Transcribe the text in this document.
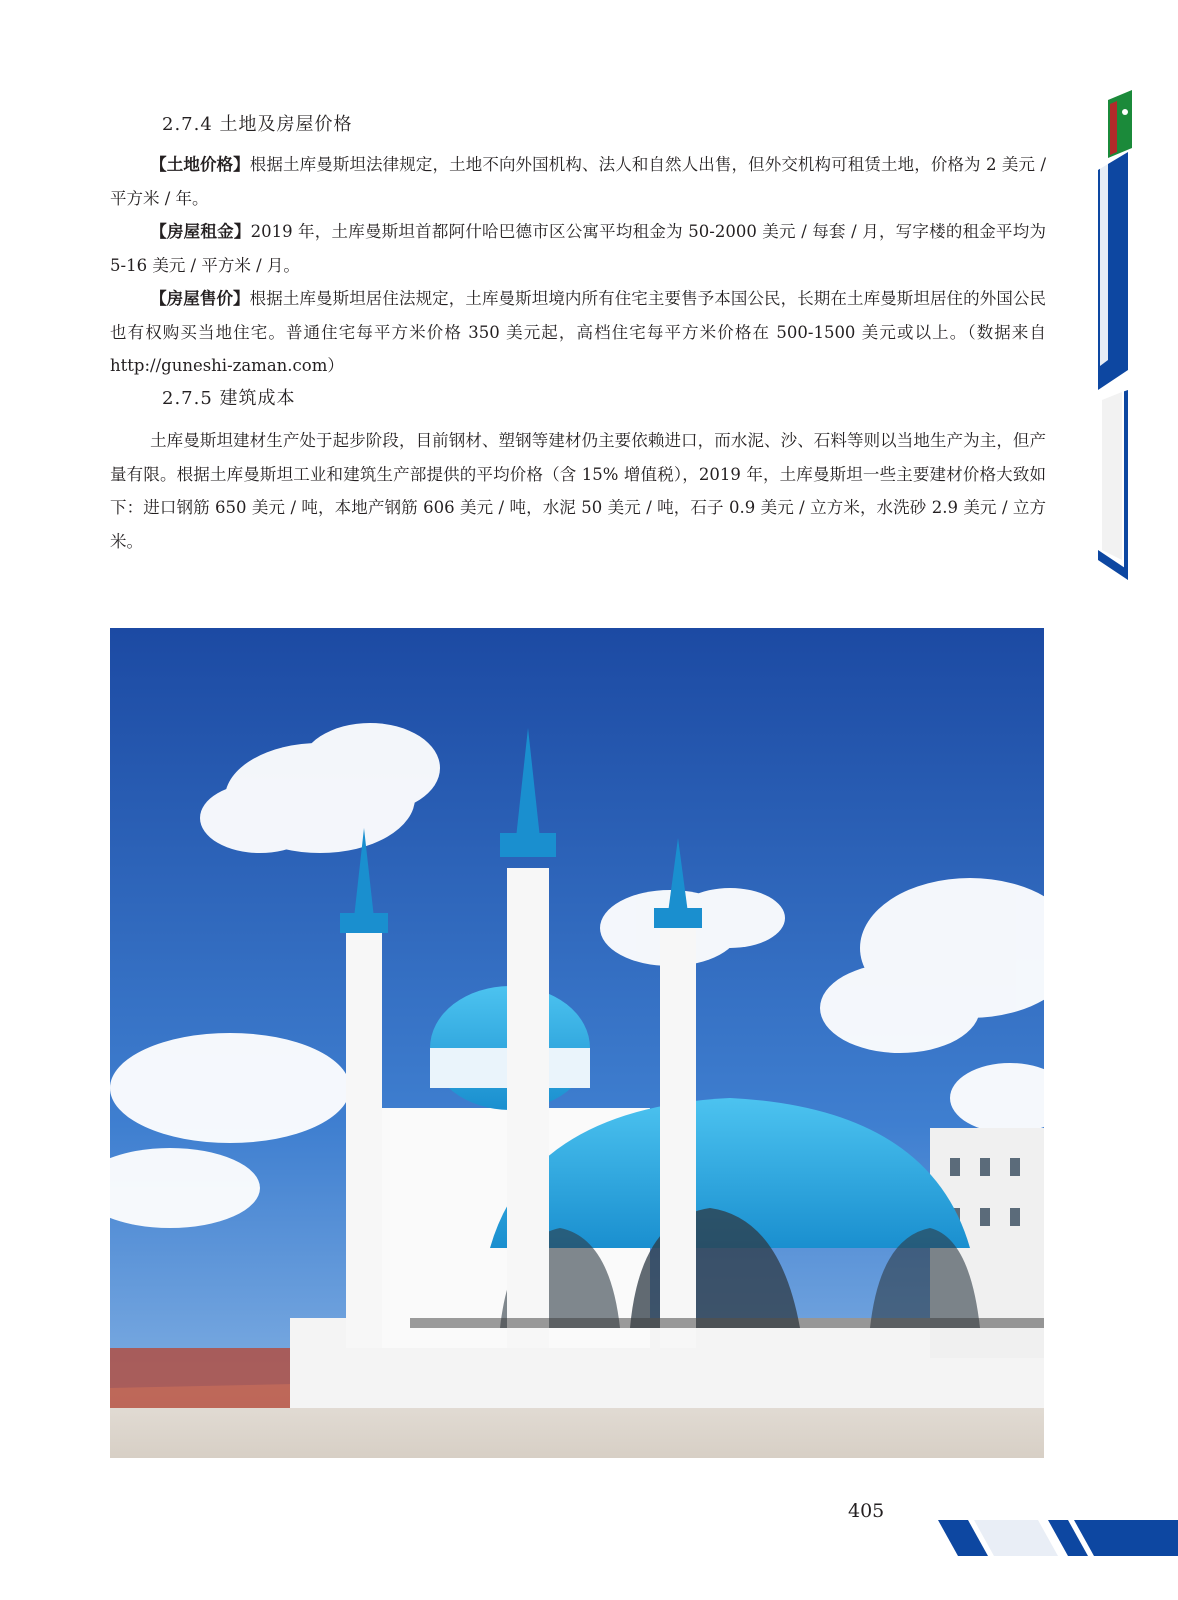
2.7.4 土地及房屋价格

【土地价格】根据土库曼斯坦法律规定，土地不向外国机构、法人和自然人出售，但外交机构可租赁土地，价格为 2 美元 / 平方米 / 年。

【房屋租金】2019 年，土库曼斯坦首都阿什哈巴德市区公寓平均租金为 50-2000 美元 / 每套 / 月，写字楼的租金平均为 5-16 美元 / 平方米 / 月。

【房屋售价】根据土库曼斯坦居住法规定，土库曼斯坦境内所有住宅主要售予本国公民，长期在土库曼斯坦居住的外国公民也有权购买当地住宅。普通住宅每平方米价格 350 美元起，高档住宅每平方米价格在 500-1500 美元或以上。（数据来自 http://guneshi-zaman.com）

2.7.5 建筑成本

土库曼斯坦建材生产处于起步阶段，目前钢材、塑钢等建材仍主要依赖进口，而水泥、沙、石料等则以当地生产为主，但产量有限。根据土库曼斯坦工业和建筑生产部提供的平均价格（含 15% 增值税），2019 年，土库曼斯坦一些主要建材价格大致如下：进口钢筋 650 美元 / 吨，本地产钢筋 606 美元 / 吨，水泥 50 美元 / 吨，石子 0.9 美元 / 立方米，水洗砂 2.9 美元 / 立方米。

405
